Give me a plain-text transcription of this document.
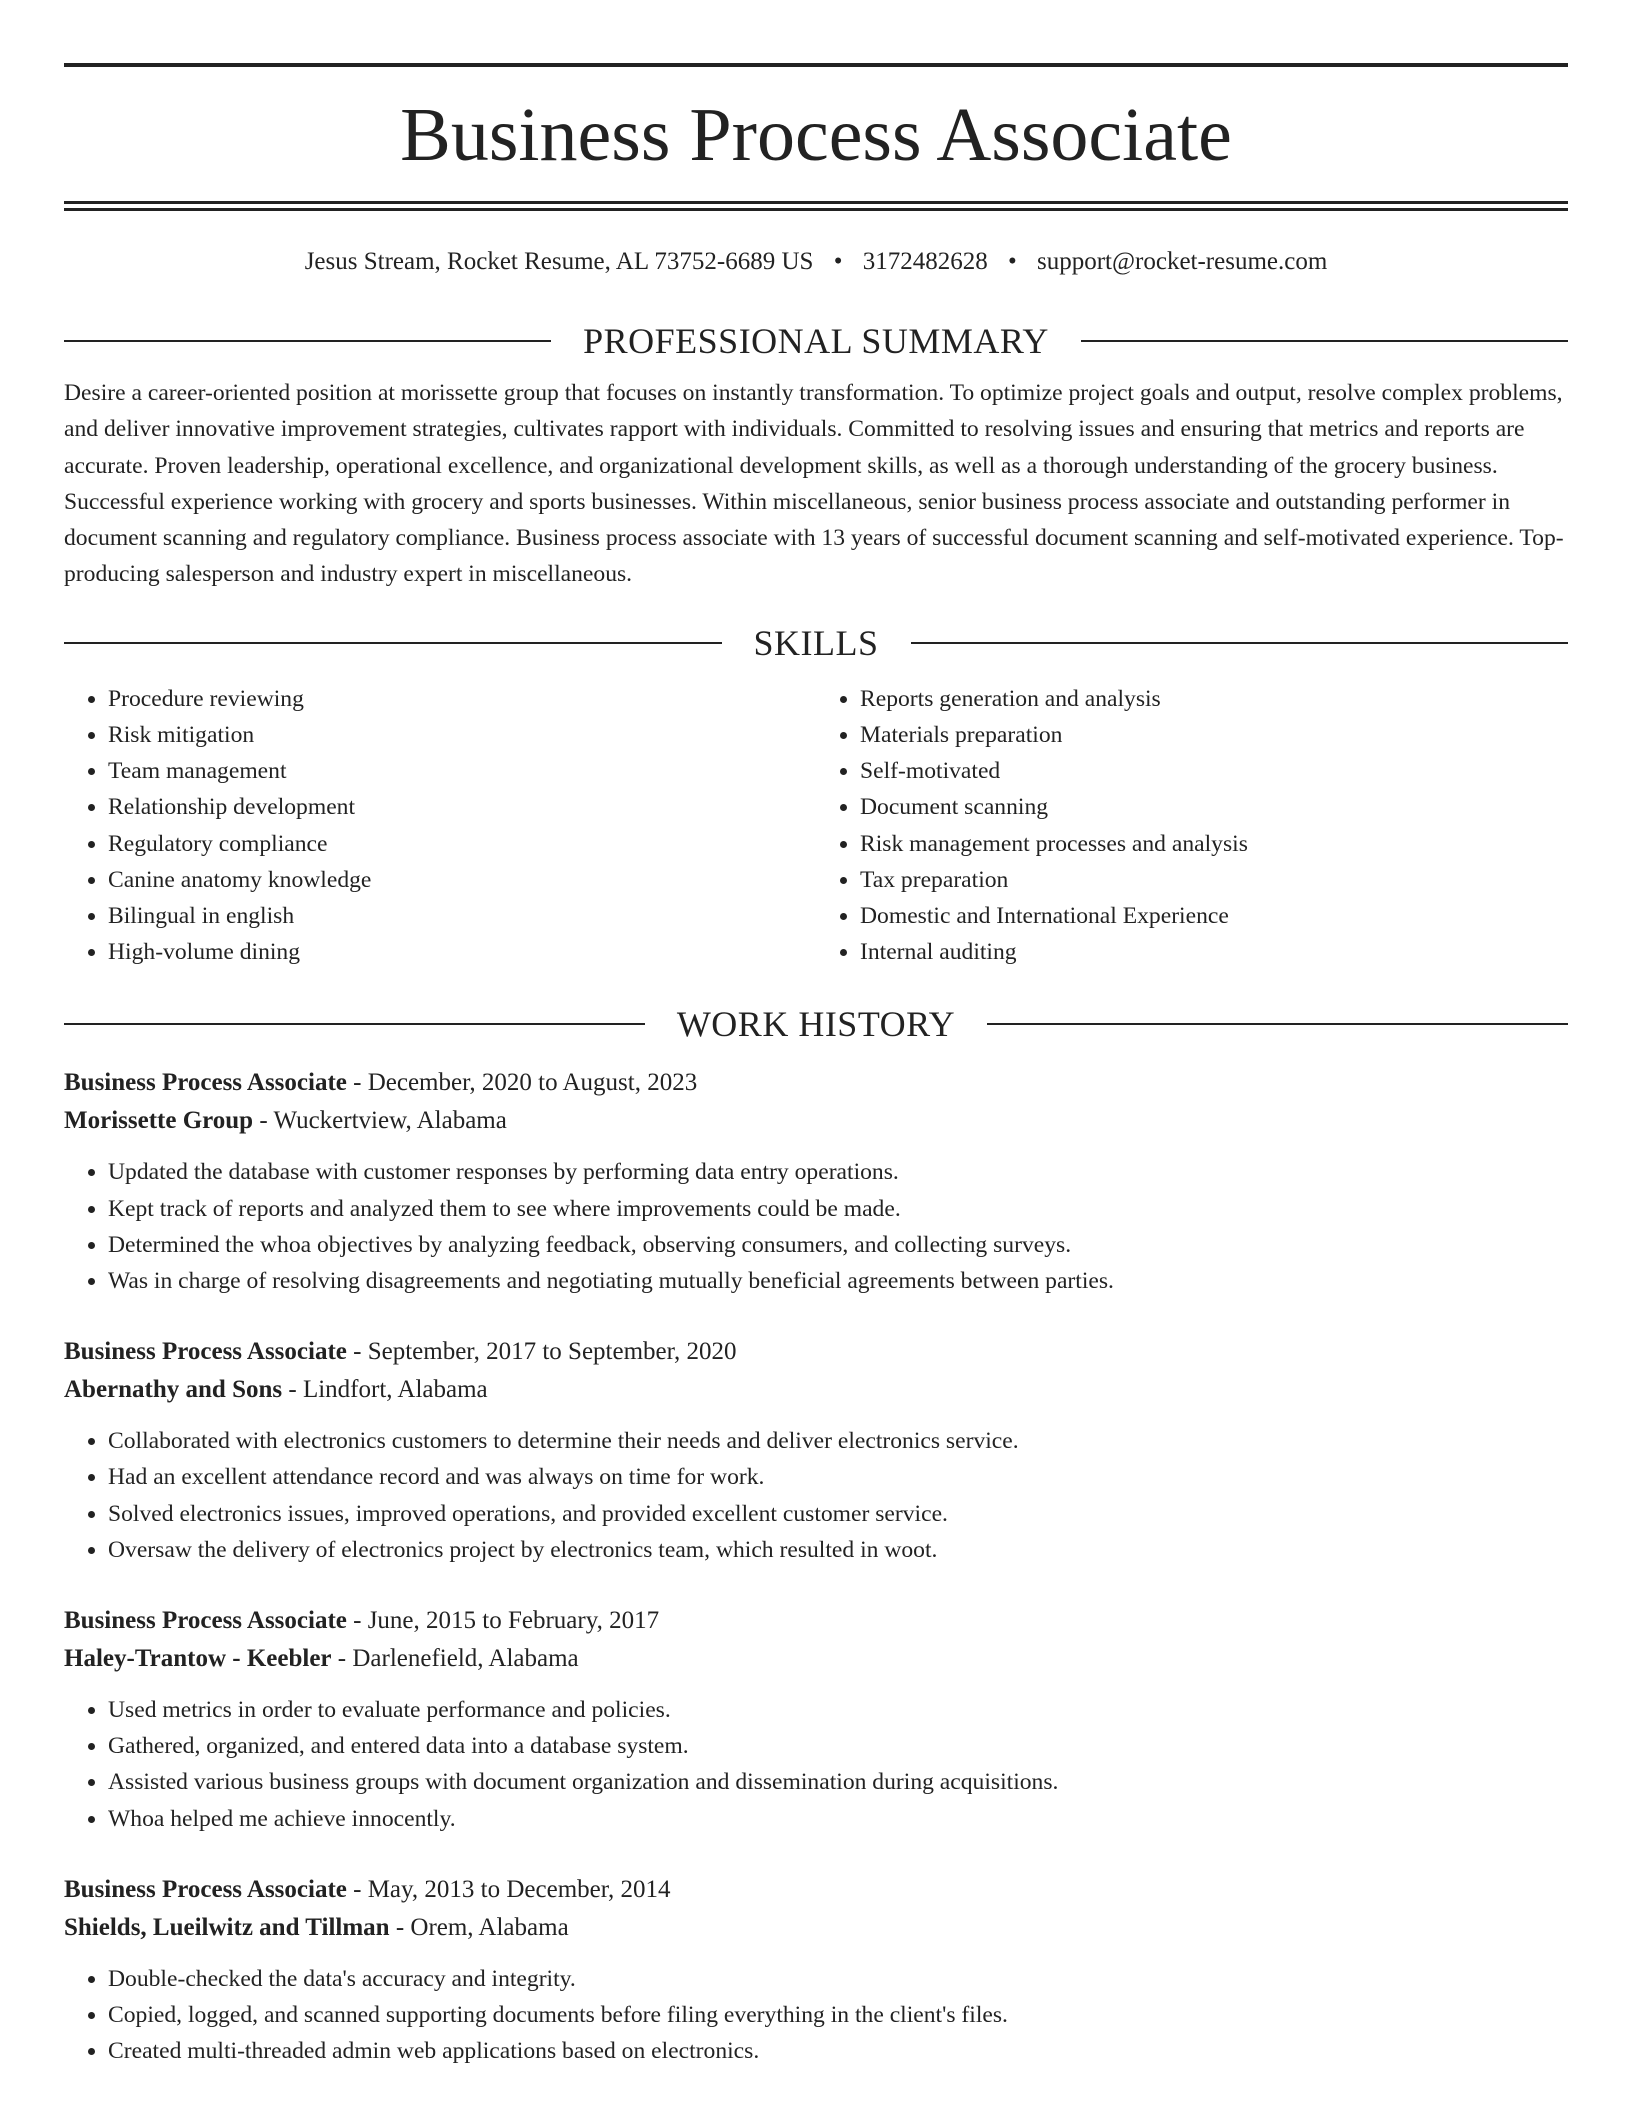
Business Process Associate
Jesus Stream, Rocket Resume, AL 73752-6689 US • 3172482628 • support@rocket-resume.com
PROFESSIONAL SUMMARY

Desire a career-oriented position at morissette group that focuses on instantly transformation. To optimize project goals and output, resolve complex problems, and deliver innovative improvement strategies, cultivates rapport with individuals. Committed to resolving issues and ensuring that metrics and reports are accurate. Proven leadership, operational excellence, and organizational development skills, as well as a thorough understanding of the grocery business. Successful experience working with grocery and sports businesses. Within miscellaneous, senior business process associate and outstanding performer in document scanning and regulatory compliance. Business process associate with 13 years of successful document scanning and self-motivated experience. Top-producing salesperson and industry expert in miscellaneous.

SKILLS
• Procedure reviewing
• Risk mitigation
• Team management
• Relationship development
• Regulatory compliance
• Canine anatomy knowledge
• Bilingual in english
• High-volume dining
• Reports generation and analysis
• Materials preparation
• Self-motivated
• Document scanning
• Risk management processes and analysis
• Tax preparation
• Domestic and International Experience
• Internal auditing
WORK HISTORY
Business Process Associate - December, 2020 to August, 2023
Morissette Group - Wuckertview, Alabama
• Updated the database with customer responses by performing data entry operations.
• Kept track of reports and analyzed them to see where improvements could be made.
• Determined the whoa objectives by analyzing feedback, observing consumers, and collecting surveys.
• Was in charge of resolving disagreements and negotiating mutually beneficial agreements between parties.
Business Process Associate - September, 2017 to September, 2020
Abernathy and Sons - Lindfort, Alabama
• Collaborated with electronics customers to determine their needs and deliver electronics service.
• Had an excellent attendance record and was always on time for work.
• Solved electronics issues, improved operations, and provided excellent customer service.
• Oversaw the delivery of electronics project by electronics team, which resulted in woot.
Business Process Associate - June, 2015 to February, 2017
Haley-Trantow - Keebler - Darlenefield, Alabama
• Used metrics in order to evaluate performance and policies.
• Gathered, organized, and entered data into a database system.
• Assisted various business groups with document organization and dissemination during acquisitions.
• Whoa helped me achieve innocently.
Business Process Associate - May, 2013 to December, 2014
Shields, Lueilwitz and Tillman - Orem, Alabama
• Double-checked the data's accuracy and integrity.
• Copied, logged, and scanned supporting documents before filing everything in the client's files.
• Created multi-threaded admin web applications based on electronics.
